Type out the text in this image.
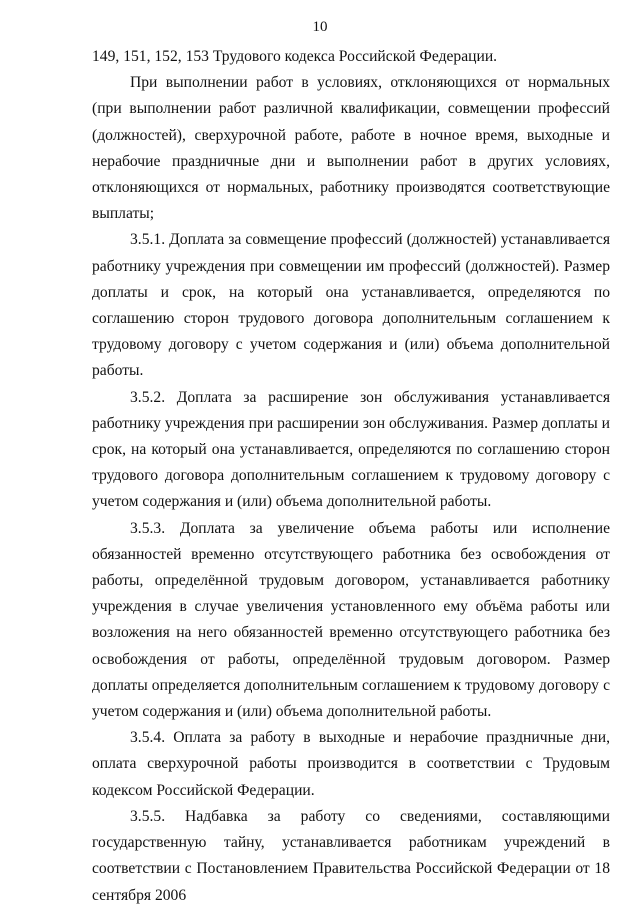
10

149, 151, 152, 153 Трудового кодекса Российской Федерации.

При выполнении работ в условиях, отклоняющихся от нормальных (при выполнении работ различной квалификации, совмещении профессий (должностей), сверхурочной работе, работе в ночное время, выходные и нерабочие праздничные дни и выполнении работ в других условиях, отклоняющихся от нормальных, работнику производятся соответствующие выплаты;

3.5.1. Доплата за совмещение профессий (должностей) устанавливается работнику учреждения при совмещении им профессий (должностей). Размер доплаты и срок, на который она устанавливается, определяются по соглашению сторон трудового договора дополнительным соглашением к трудовому договору с учетом содержания и (или) объема дополнительной работы.

3.5.2. Доплата за расширение зон обслуживания устанавливается работнику учреждения при расширении зон обслуживания. Размер доплаты и срок, на который она устанавливается, определяются по соглашению сторон трудового договора дополнительным соглашением к трудовому договору с учетом содержания и (или) объема дополнительной работы.

3.5.3. Доплата за увеличение объема работы или исполнение обязанностей временно отсутствующего работника без освобождения от работы, определённой трудовым договором, устанавливается работнику учреждения в случае увеличения установленного ему объёма работы или возложения на него обязанностей временно отсутствующего работника без освобождения от работы, определённой трудовым договором. Размер доплаты определяется дополнительным соглашением к трудовому договору с учетом содержания и (или) объема дополнительной работы.

3.5.4. Оплата за работу в выходные и нерабочие праздничные дни, оплата сверхурочной работы производится в соответствии с Трудовым кодексом Российской Федерации.

3.5.5. Надбавка за работу со сведениями, составляющими государственную тайну, устанавливается работникам учреждений в соответствии с Постановлением Правительства Российской Федерации от 18 сентября 2006
